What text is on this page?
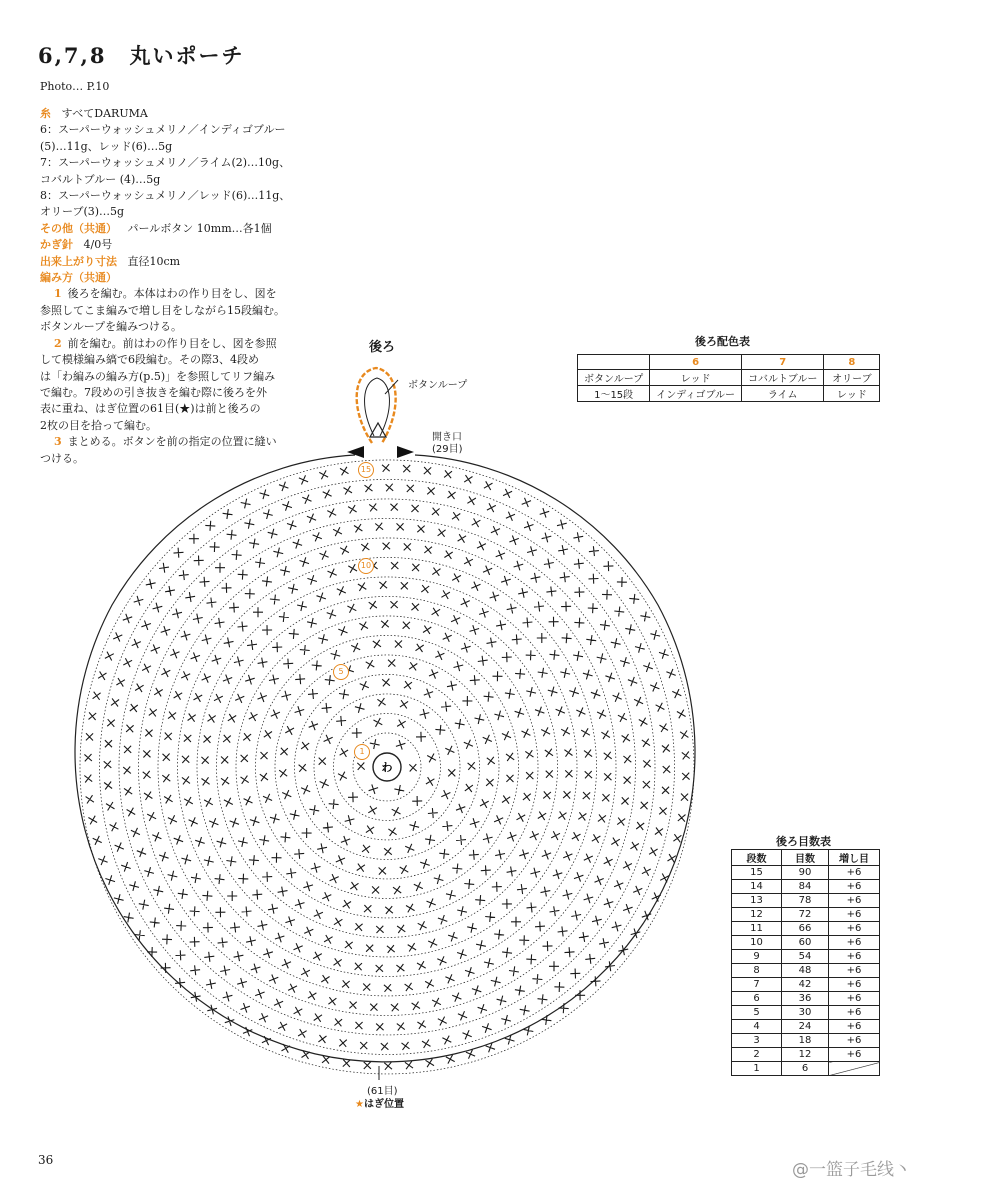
6,7,8　丸いポーチ
Photo… P.10
糸 すべてDARUMA
6：スーパーウォッシュメリノ／インディゴブルー
(5)…11g、レッド(6)…5g
7：スーパーウォッシュメリノ／ライム(2)…10g、
コバルトブルー (4)…5g
8：スーパーウォッシュメリノ／レッド(6)…11g、
オリーブ(3)…5g
その他（共通） パールボタン 10mm…各1個
かぎ針 4/0号
出来上がり寸法 直径10cm
編み方（共通）
1 後ろを編む。本体はわの作り目をし、図を
参照してこま編みで増し目をしながら15段編む。
ボタンループを編みつける。
2 前を編む。前はわの作り目をし、図を参照
して模様編み縞で6段編む。その際3、4段め
は「わ編みの編み方(p.5)」を参照してリフ編み
で編む。7段めの引き抜きを編む際に後ろを外
表に重ね、はぎ位置の61目(★)は前と後ろの
2枚の目を拾って編む。
3 まとめる。ボタンを前の指定の位置に縫い
つける。
わ
15
10
5
1
後ろ
ボタンループ
開き口
(29目)
(61目)
★はぎ位置
後ろ配色表
	6	7	8
ボタンループ	レッド	コバルトブルー	オリーブ
1〜15段	インディゴブルー	ライム	レッド
後ろ目数表
段数	目数	増し目
15	90	+6
14	84	+6
13	78	+6
12	72	+6
11	66	+6
10	60	+6
9	54	+6
8	48	+6
7	42	+6
6	36	+6
5	30	+6
4	24	+6
3	18	+6
2	12	+6
1	6	
36	@一篮子毛线丶
